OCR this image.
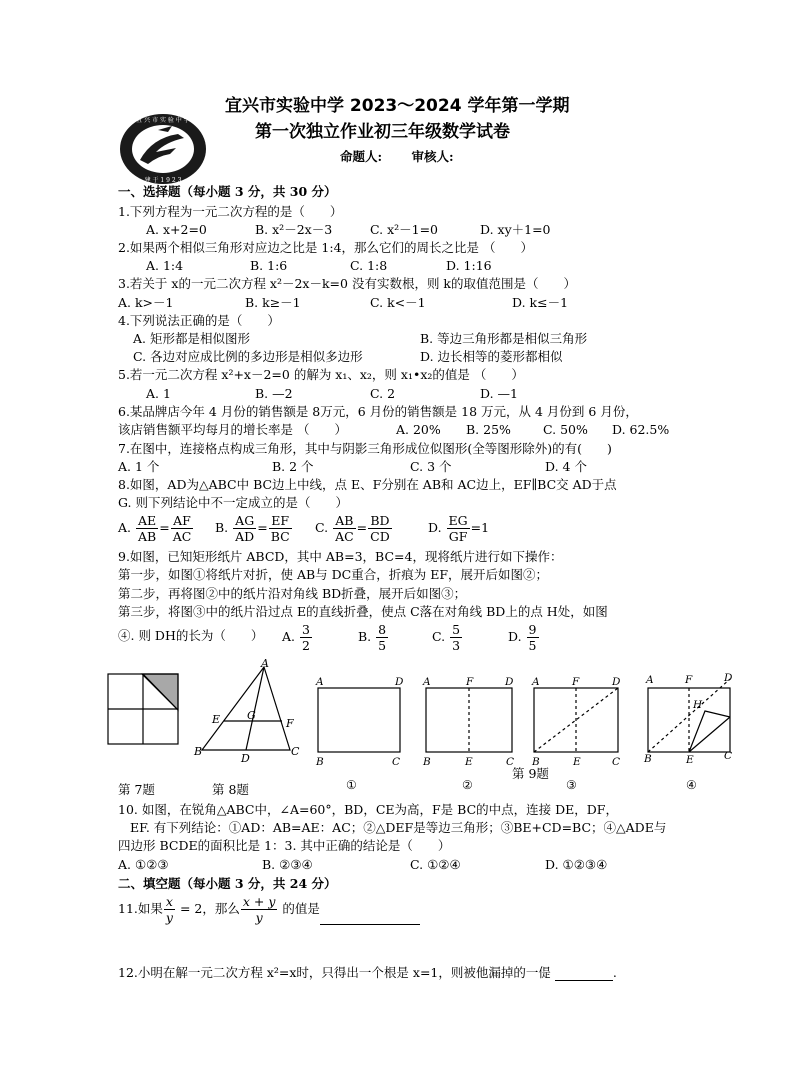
宜 兴 市 实 验 中 学
建 于 1 9 2 3
宜兴市实验中学 2023～2024 学年第一学期
第一次独立作业初三年级数学试卷
命题人:　　 审核人:
一、选择题（每小题 3 分，共 30 分）
1.下列方程为一元二次方程的是（　　）
A. x+2=0	B. x²－2x－3	C. x²－1=0	D. xy＋1=0
2.如果两个相似三角形对应边之比是 1:4，那么它们的周长之比是 （　　）
A. 1:4	B. 1:6	C. 1:8	D. 1:16
3.若关于 x的一元二次方程 x²－2x－k=0 没有实数根，则 k的取值范围是（　　）
A. k>－1	B. k≥－1	C. k<－1	D. k≤－1
4.下列说法正确的是（　　）
A. 矩形都是相似图形	B. 等边三角形都是相似三角形
C. 各边对应成比例的多边形是相似多边形	D. 边长相等的菱形都相似
5.若一元二次方程 x²+x－2=0 的解为 x₁、x₂，则 x₁•x₂的值是 （　　）
A. 1	B. —2	C. 2	D. —1
6.某品牌店今年 4 月份的销售额是 8万元，6 月份的销售额是 18 万元，从 4 月份到 6 月份，
该店销售额平均每月的增长率是 （　　）	A. 20% B. 25%	C. 50% D. 62.5%
7.在图中，连接格点构成三角形，其中与阴影三角形成位似图形(全等图形除外)的有(　　)
A. 1 个	B. 2 个	C. 3 个	D. 4 个
8.如图，AD为△ABC中 BC边上中线，点 E、F分别在 AB和 AC边上，EF∥BC交 AD于点
G. 则下列结论中不一定成立的是（　　）
A. $\frac{AE}{AB} = \frac{AF}{AC} B$. $\frac{AG}{AD} = \frac{EF}{BC} C$. $\frac{AB}{AC} = \frac{BD}{CD}$	D. $\frac{EG}{GF} =1$
9.如图，已知矩形纸片 ABCD，其中 AB=3，BC=4，现将纸片进行如下操作：
第一步，如图①将纸片对折，使 AB与 DC重合，折痕为 EF，展开后如图②；
第二步，再将图②中的纸片沿对角线 BD折叠，展开后如图③；
第三步，将图③中的纸片沿过点 E的直线折叠，使点 C落在对角线 BD上的点 H处，如图
④. 则 DH的长为（　　） A. $\frac{3}{2}$	B. $\frac{8}{5}$	C. $\frac{5}{3}$	D. $\frac{9}{5}$
A
E G
F
B
D
C
A	D
B	C
A	F	D
B	E	C
A	F	D
B	E	C
A	F	D
H
B	E	C
①	②	③	④
第 7题	第 8题
第 9题
10. 如图，在锐角△ABC中，∠A=60°，BD，CE为高，F是 BC的中点，连接 DE，DF，
EF. 有下列结论：①AD：AB=AE：AC；②△DEF是等边三角形；③BE+CD=BC；④△ADE与
四边形 BCDE的面积比是 1：3. 其中正确的结论是（　　）
A. ①②③	B. ②③④	C. ①②④	D. ①②③④
二、填空题（每小题 3 分，共 24 分）
11.如果 $\frac{x}{y} = 2$，那么 $\frac{x + y}{y}$ 的值是
12.小明在解一元二次方程 x²=x时，只得出一个根是 x=1，则被他漏掉的一偍	.
